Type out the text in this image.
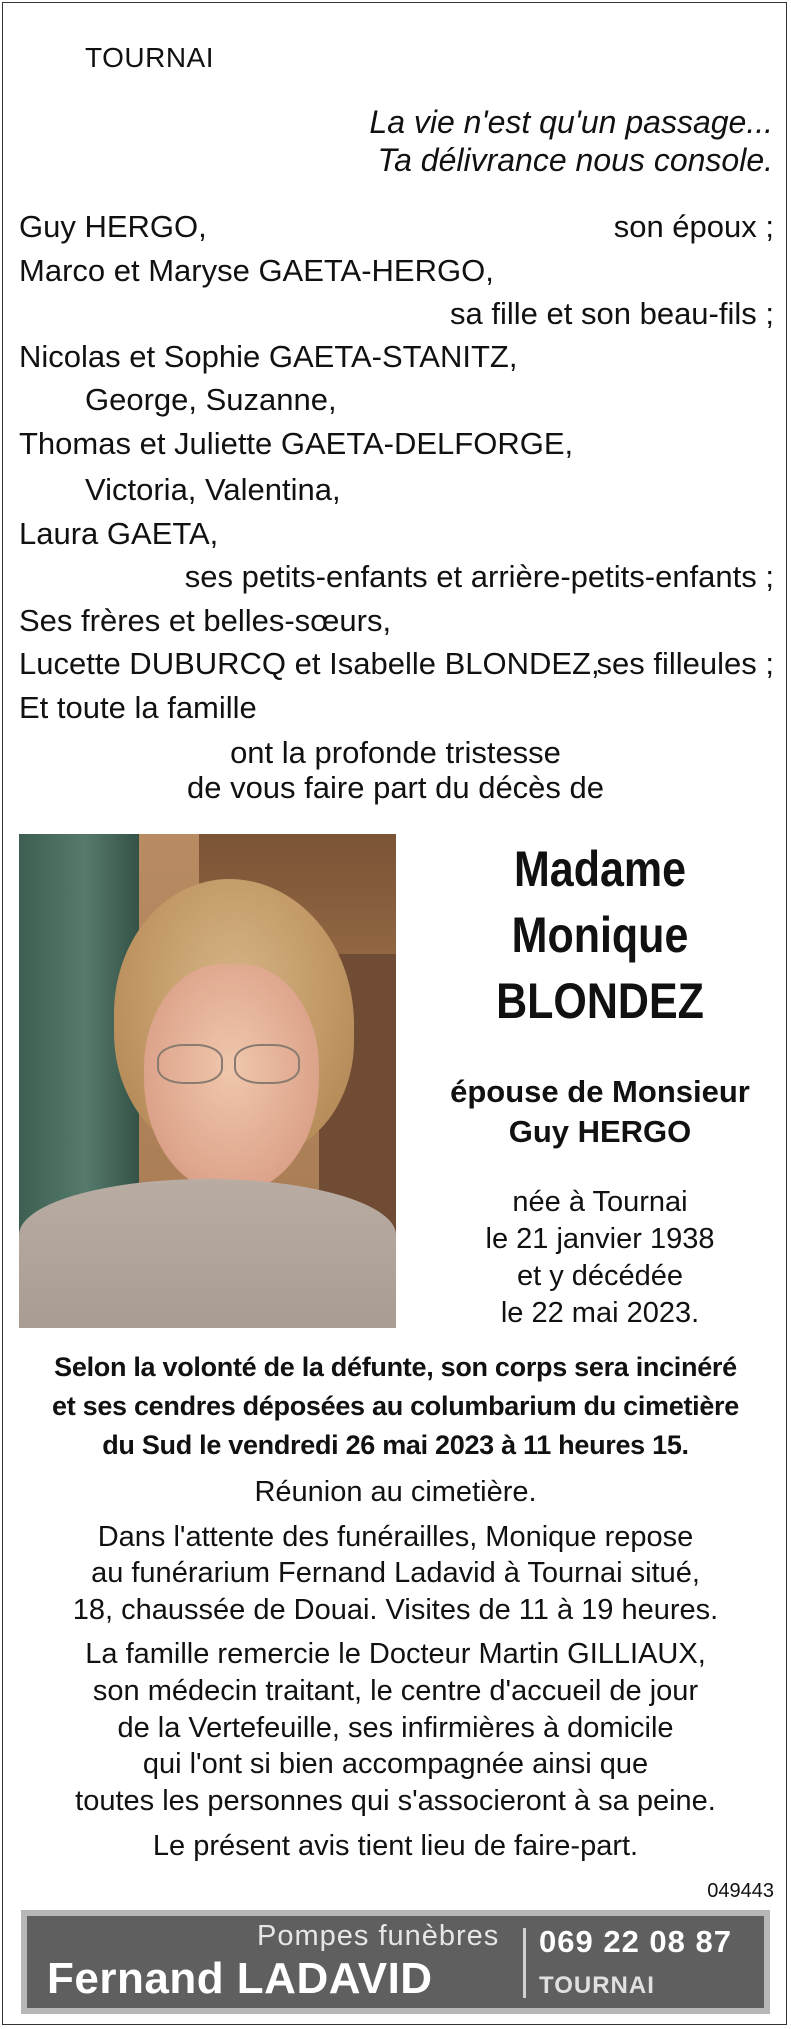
TOURNAI
La vie n'est qu'un passage...
Ta délivrance nous console.
Guy HERGO,	son époux ;
Marco et Maryse GAETA-HERGO,
sa fille et son beau-fils ;
Nicolas et Sophie GAETA-STANITZ,
George, Suzanne,
Thomas et Juliette GAETA-DELFORGE,
Victoria, Valentina,
Laura GAETA,
ses petits-enfants et arrière-petits-enfants ;
Ses frères et belles-sœurs,
Lucette DUBURCQ et Isabelle BLONDEZ,
ses filleules ;
Et toute la famille
ont la profonde tristesse
de vous faire part du décès de
Madame
Monique
BLONDEZ
épouse de Monsieur
Guy HERGO
née à Tournai
le 21 janvier 1938
et y décédée
le 22 mai 2023.
Selon la volonté de la défunte, son corps sera incinéré
et ses cendres déposées au columbarium du cimetière
du Sud le vendredi 26 mai 2023 à 11 heures 15.
Réunion au cimetière.
Dans l'attente des funérailles, Monique repose
au funérarium Fernand Ladavid à Tournai situé,
18, chaussée de Douai. Visites de 11 à 19 heures.
La famille remercie le Docteur Martin GILLIAUX,
son médecin traitant, le centre d'accueil de jour
de la Vertefeuille, ses infirmières à domicile
qui l'ont si bien accompagnée ainsi que
toutes les personnes qui s'associeront à sa peine.
Le présent avis tient lieu de faire-part.
049443
Pompes funèbres
Fernand LADAVID
069 22 08 87
TOURNAI
